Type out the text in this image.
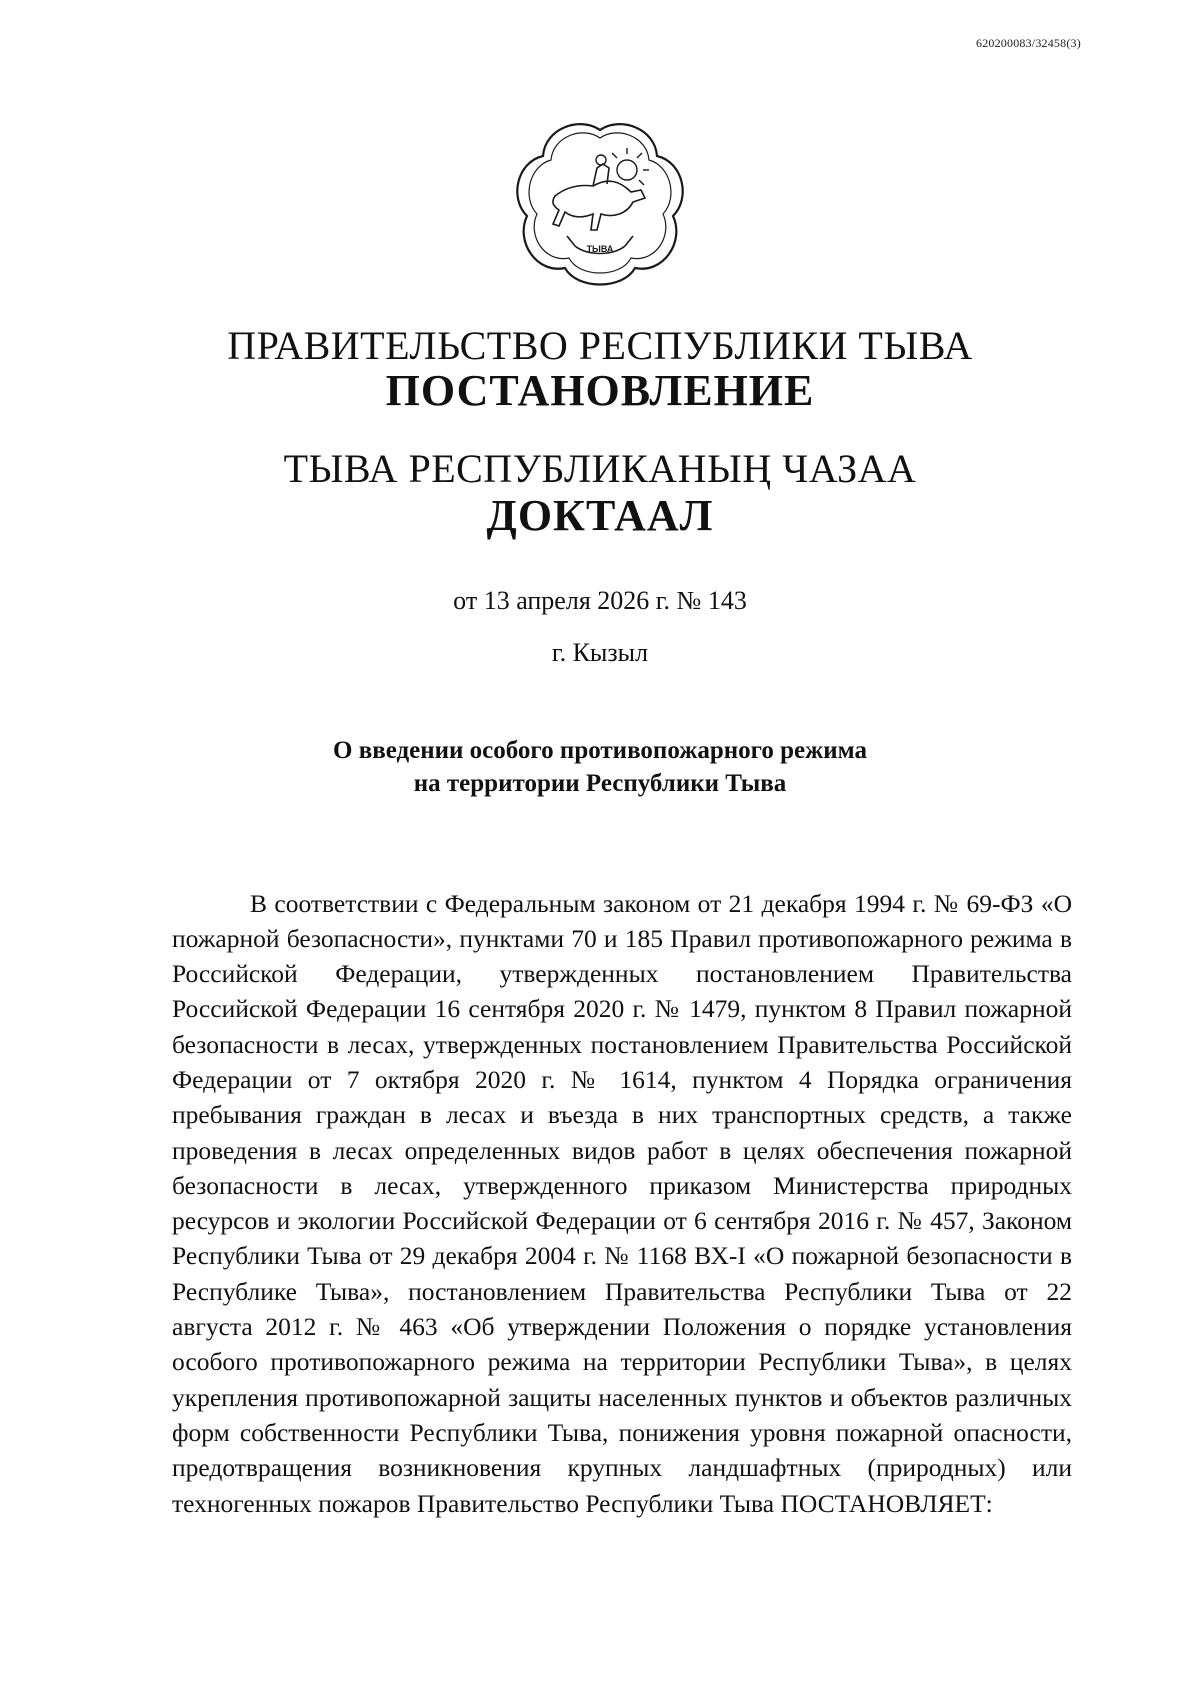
620200083/32458(3)
ТЫВА
ПРАВИТЕЛЬСТВО РЕСПУБЛИКИ ТЫВА
ПОСТАНОВЛЕНИЕ
ТЫВА РЕСПУБЛИКАНЫҢ ЧАЗАА
ДОКТААЛ
от 13 апреля 2026 г. № 143
г. Кызыл
О введении особого противопожарного режима
на территории Республики Тыва

В соответствии с Федеральным законом от 21 декабря 1994 г. № 69-ФЗ «О пожарной безопасности», пунктами 70 и 185 Правил противопожарного режима в Российской Федерации, утвержденных постановлением Правительства Российской Федерации 16 сентября 2020 г. № 1479, пунктом 8 Правил пожарной безопасности в лесах, утвержденных постановлением Правительства Российской Федерации от 7 октября 2020 г. № 1614, пунктом 4 Порядка ограничения пребывания граждан в лесах и въезда в них транспортных средств, а также проведения в лесах определенных видов работ в целях обеспечения пожарной безопасности в лесах, утвержденного приказом Министерства природных ресурсов и экологии Российской Федерации от 6 сентября 2016 г. № 457, Законом Республики Тыва от 29 декабря 2004 г. № 1168 ВХ-I «О пожарной безопасности в Республике Тыва», постановлением Правительства Республики Тыва от 22 августа 2012 г. № 463 «Об утверждении Положения о порядке установления особого противопожарного режима на территории Республики Тыва», в целях укрепления противопожарной защиты населенных пунктов и объектов различных форм собственности Республики Тыва, понижения уровня пожарной опасности, предотвращения возникновения крупных ландшафтных (природных) или техногенных пожаров Правительство Республики Тыва ПОСТАНОВЛЯЕТ:
